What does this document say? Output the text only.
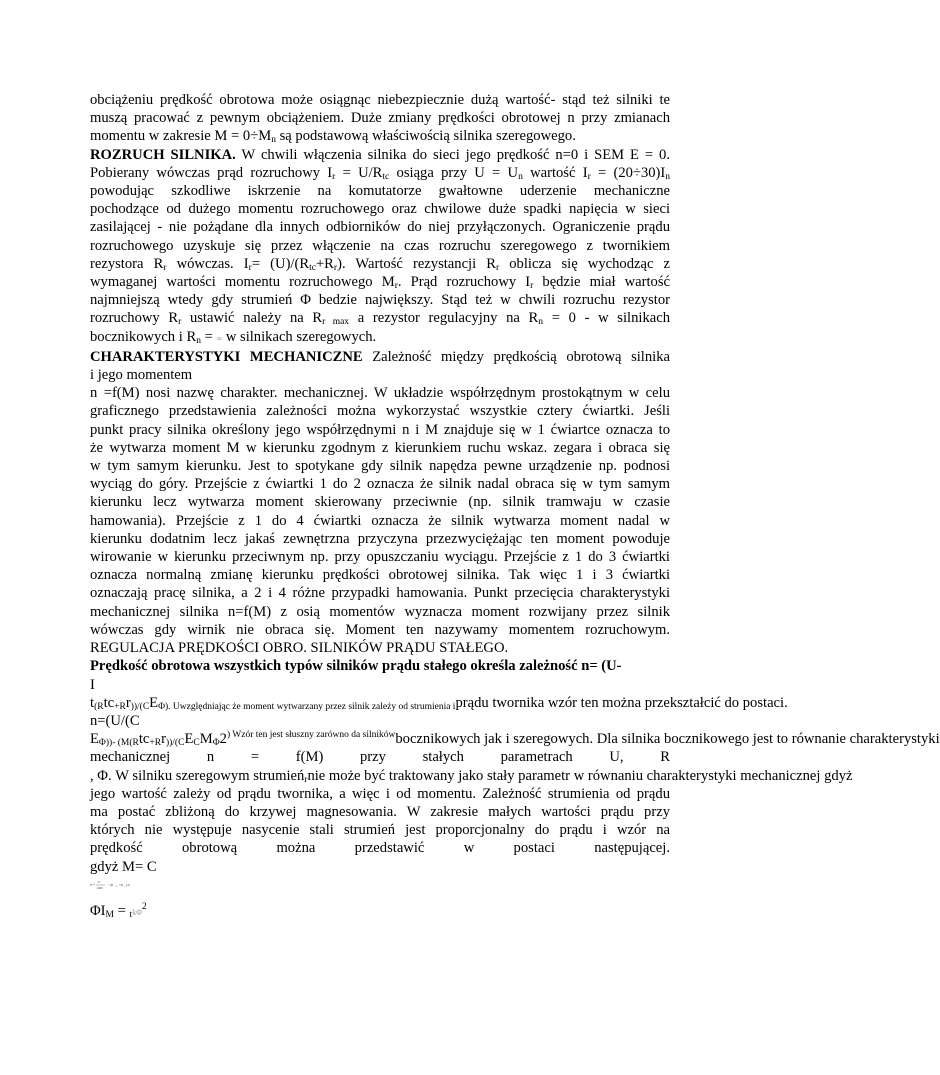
obciążeniu prędkość obrotowa może osiągnąc niebezpiecznie dużą wartość- stąd też silniki te
muszą pracować z pewnym obciążeniem. Duże zmiany prędkości obrotowej n przy zmianach
momentu w zakresie $M = 0\div M_n$ są podstawową właściwością silnika szeregowego.
ROZRUCH SILNIKA. W chwili włączenia silnika do sieci jego prędkość n=0 i SEM E = 0.
Pobierany wówczas prąd rozruchowy $I_r = U/R_{tc}$ osiąga przy $U = U_n$ wartość $I_r = (20\div 30)I_n$
powodując szkodliwe iskrzenie na komutatorze gwałtowne uderzenie mechaniczne
pochodzące od dużego momentu rozruchowego oraz chwilowe duże spadki napięcia w sieci
zasilającej - nie pożądane dla innych odbiorników do niej przyłączonych. Ograniczenie prądu
rozruchowego uzyskuje się przez włączenie na czas rozruchu szeregowego z twornikiem
rezystora $R_r$ wówczas. $I_r= (U)/(R_{tc}+R_r)$. Wartość rezystancji $R_r$ oblicza się wychodząc z
wymaganej wartości momentu rozruchowego $M_r$. Prąd rozruchowy $I_r$ będzie miał wartość
najmniejszą wtedy gdy strumień Φ bedzie największy. Stąd też w chwili rozruchu rezystor
rozruchowy $R_r$ ustawić należy na $R_{r max}$ a rezystor regulacyjny na $R_n = 0 - w$ silnikach
bocznikowych i $R_n$ = ∞ w silnikach szeregowych.
CHARAKTERYSTYKI MECHANICZNE Zależność między prędkością obrotową silnika
i jego momentem
n =f(M) nosi nazwę charakter. mechanicznej. W układzie współrzędnym prostokątnym w celu
graficznego przedstawienia zależności można wykorzystać wszystkie cztery ćwiartki. Jeśli
punkt pracy silnika określony jego współrzędnymi n i M znajduje się w 1 ćwiartce oznacza to
że wytwarza moment M w kierunku zgodnym z kierunkiem ruchu wskaz. zegara i obraca się
w tym samym kierunku. Jest to spotykane gdy silnik napędza pewne urządzenie np. podnosi
wyciąg do góry. Przejście z ćwiartki 1 do 2 oznacza że silnik nadal obraca się w tym samym
kierunku lecz wytwarza moment skierowany przeciwnie (np. silnik tramwaju w czasie
hamowania). Przejście z 1 do 4 ćwiartki oznacza że silnik wytwarza moment nadal w
kierunku dodatnim lecz jakaś zewnętrzna przyczyna przezwyciężając ten moment powoduje
wirowanie w kierunku przeciwnym np. przy opuszczaniu wyciągu. Przejście z 1 do 3 ćwiartki
oznacza normalną zmianę kierunku prędkości obrotowej silnika. Tak więc 1 i 3 ćwiartki
oznaczają pracę silnika, a 2 i 4 różne przypadki hamowania. Punkt przecięcia charakterystyki
mechanicznej silnika n=f(M) z osią momentów wyznacza moment rozwijany przez silnik
wówczas gdy wirnik nie obraca się. Moment ten nazywamy momentem rozruchowym.
REGULACJA PRĘDKOŚCI OBRO. SILNIKÓW PRĄDU STAŁEGO.
Prędkość obrotowa wszystkich typów silników prądu stałego określa zależność n= (U-
I
$t_{(R}tc_{+R}r_{))/(C}E_{\Phi). Uwzględniając że moment wytwarzany przez silnik zależy od strumienia i}prądu$ twornika wzór ten można przekształcić do postaci.
n=(U/(C
$E_{\Phi))- (M(R}tc_{+R}r_{))/(C}E_CM_\Phi 2^{) Wzór ten jest słuszny zarówno da silników}bocznikowych$ jak i szeregowych. Dla silnika bocznikowego jest to równanie charakterystyki
mechanicznej n = f(M) przy stałych parametrach U, R
, Φ. W silniku szeregowym strumień$_r$nie może być traktowany jako stały parametr w równaniu charakterystyki mechanicznej gdyż
jego wartość zależy od prądu twornika, a więc i od momentu. Zależność strumienia od prądu
ma postać zbliżoną do krzywej magnesowania. W zakresie małych wartości prądu przy
których nie występuje nasycenie stali strumień jest proporcjonalny do prądu i wzór na
prędkość obrotową można przedstawić w postaci następującej.
gdyż M= C
n =
U
√kM
− (R	tc +R r )/k
$\Phi I_M = _tk\Phi^2$
